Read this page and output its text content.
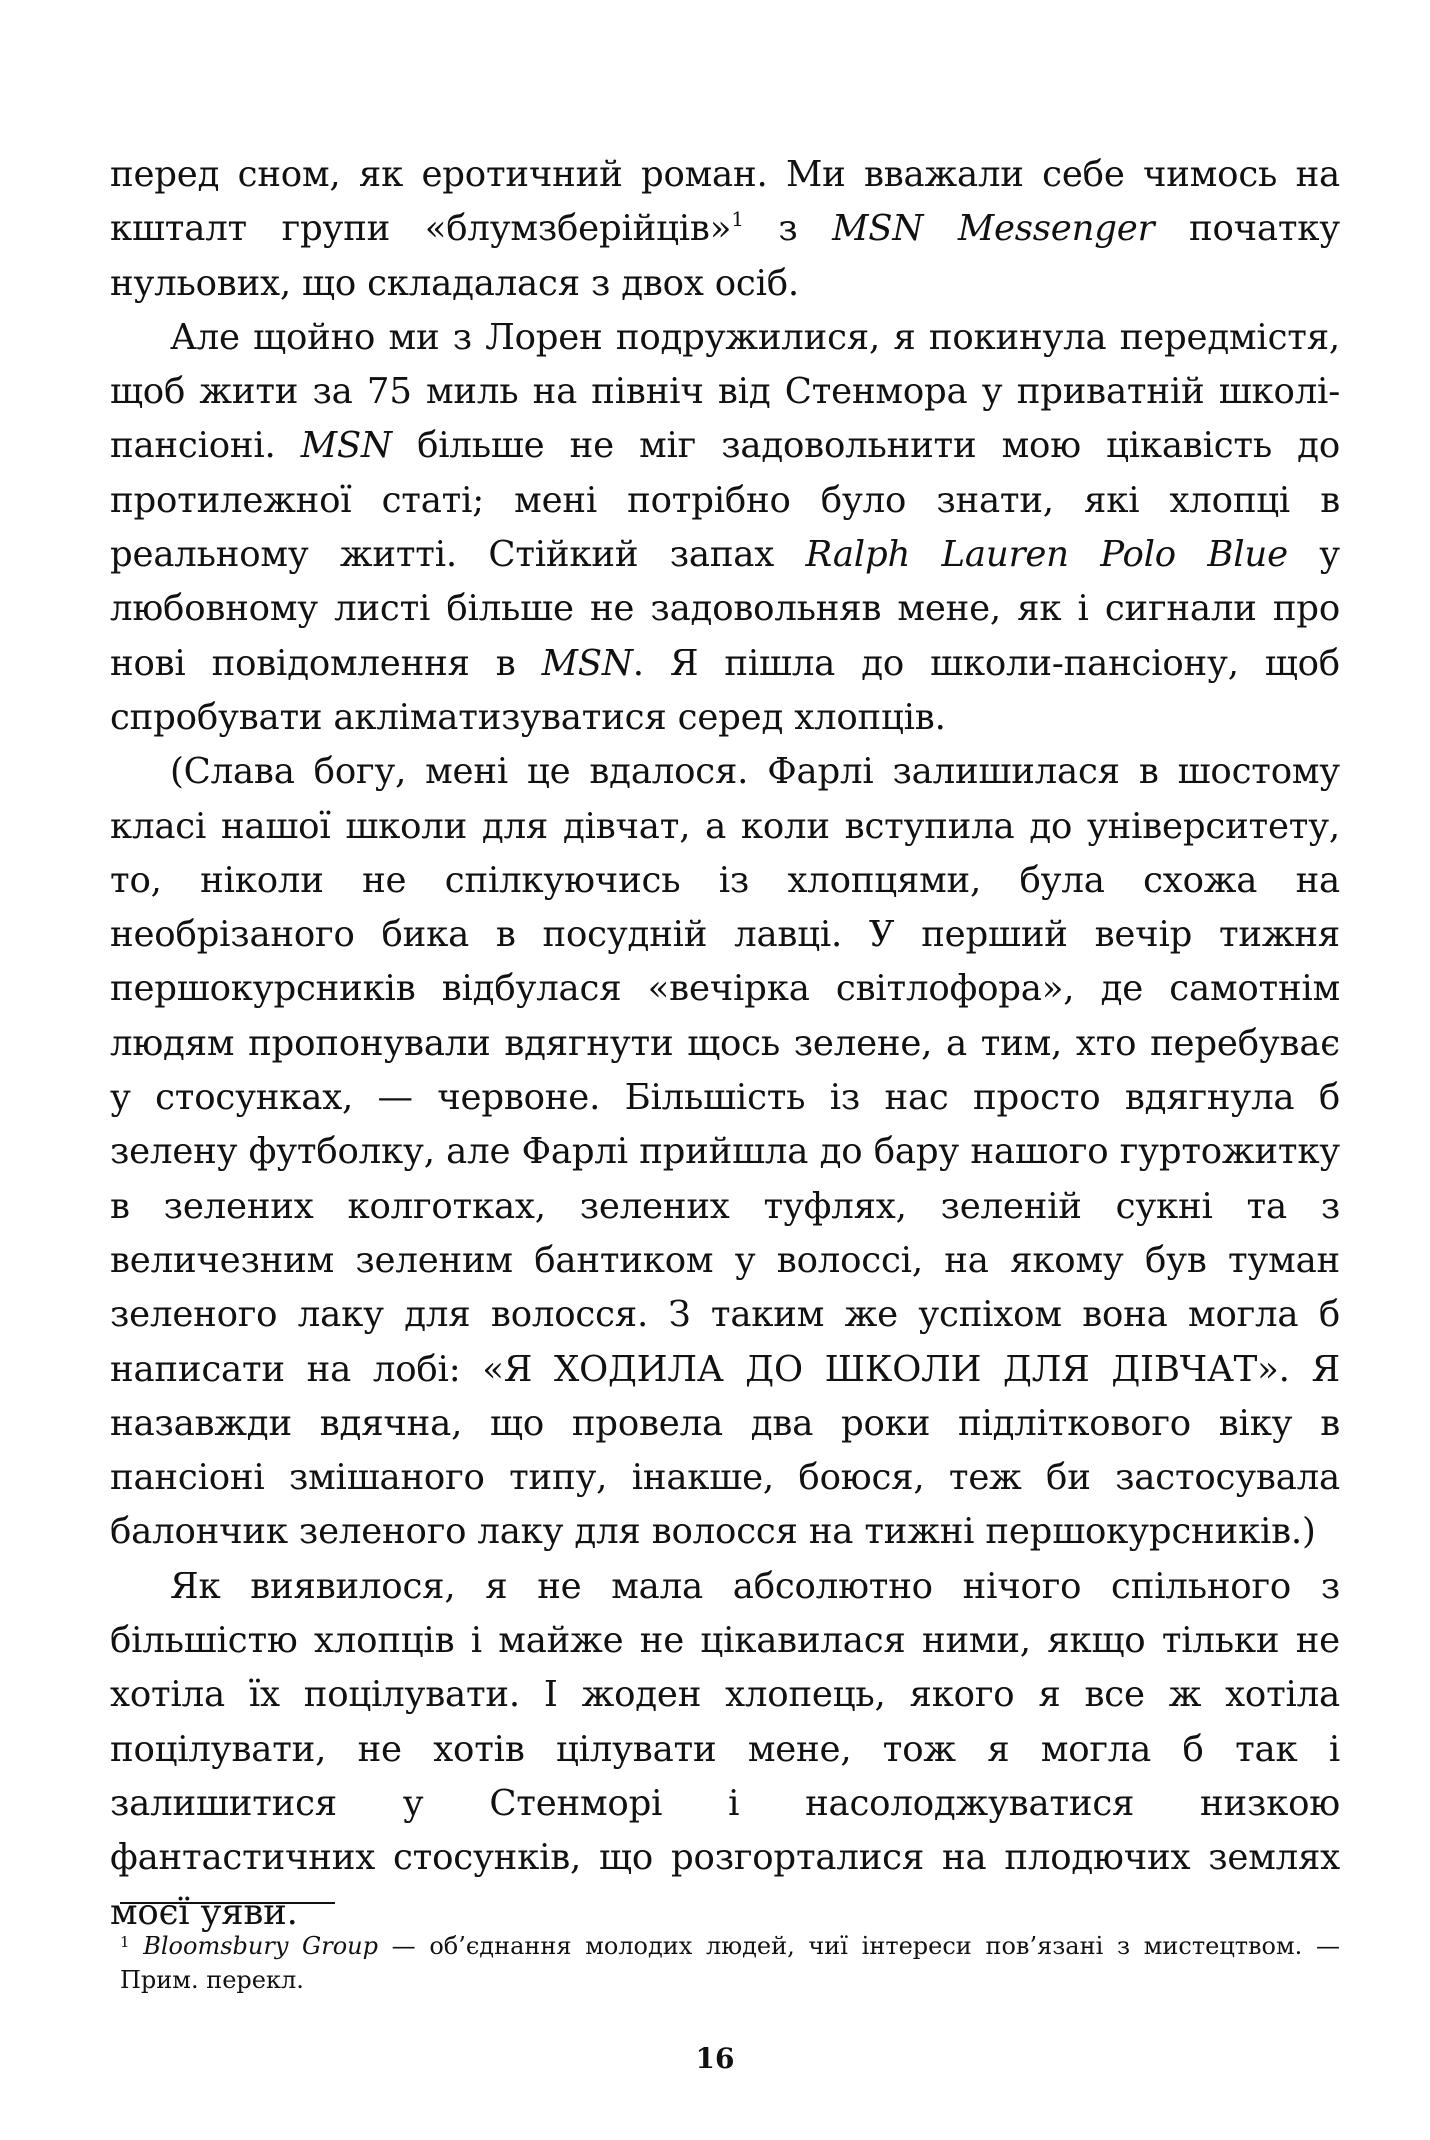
перед сном, як еротичний роман. Ми вважали себе чимось на кшталт групи «блумзберійців»$^1$ з MSN Messenger початку нульових, що складалася з двох осіб.

Але щойно ми з Лорен подружилися, я покинула передмістя, щоб жити за 75 миль на північ від Стенмора у приватній школі-пансіоні. MSN більше не міг задовольнити мою цікавість до протилежної статі; мені потрібно було знати, які хлопці в реальному житті. Стійкий запах Ralph Lauren Polo Blue у любовному листі більше не задовольняв мене, як і сигнали про нові повідомлення в MSN. Я пішла до школи-пансіону, щоб спробувати акліматизуватися серед хлопців.

(Слава богу, мені це вдалося. Фарлі залишилася в шостому класі нашої школи для дівчат, а коли вступила до університету, то, ніколи не спілкуючись із хлопцями, була схожа на необрізаного бика в посудній лавці. У перший вечір тижня першокурсників відбулася «вечірка світлофора», де самотнім людям пропонували вдягнути щось зелене, а тим, хто перебуває у стосунках, — червоне. Більшість із нас просто вдягнула б зелену футболку, але Фарлі прийшла до бару нашого гуртожитку в зелених колготках, зелених туфлях, зеленій сукні та з величезним зеленим бантиком у волоссі, на якому був туман зеленого лаку для волосся. З таким же успіхом вона могла б написати на лобі: «Я ХОДИЛА ДО ШКОЛИ ДЛЯ ДІВЧАТ». Я назавжди вдячна, що провела два роки підліткового віку в пансіоні змішаного типу, інакше, боюся, теж би застосувала балончик зеленого лаку для волосся на тижні першокурсників.)

Як виявилося, я не мала абсолютно нічого спільного з більшістю хлопців і майже не цікавилася ними, якщо тільки не хотіла їх поцілувати. І жоден хлопець, якого я все ж хотіла поцілувати, не хотів цілувати мене, тож я могла б так і залишитися у Стенморі і насолоджуватися низкою фантастичних стосунків, що розгорталися на плодючих землях моєї уяви.

$^1$ Bloomsbury Group — об’єднання молодих людей, чиї інтереси пов’язані з мистецтвом. — Прим. перекл.
16
